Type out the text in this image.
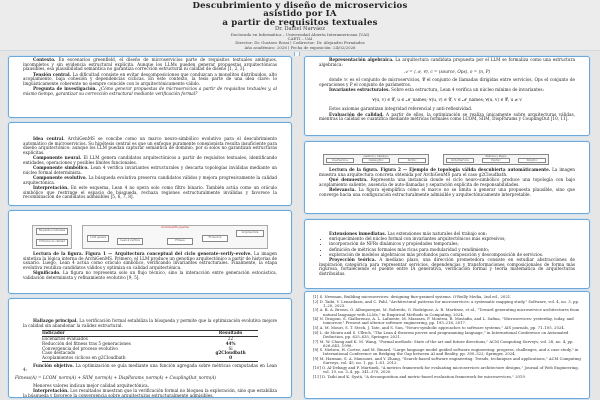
Descubrimiento y diseño de microservicios
asistido por IA
a partir de requisitos textuales
Dr. Daniel Narváez
Doctorado en Informática – Universidad Abierta Interamericana (UAI)
CAETI – UAI
Director: Dr. Gustavo Rossi | Codirector: Dr. Alejandro Fernández
Año académico: 2026 | Fecha de exposición: 24/02/2026

Contexto. En escenarios greenfield, el diseño de microservicios parte de requisitos textuales ambiguos, incompletos y sin evidencia estructural explícita. Aunque los LLMs pueden generar propuestas arquitectónicas plausibles, esa plausibilidad semántica no garantiza corrección estructural ni calidad de diseño [1, 2, 3].

Tensión central. La dificultad consiste en evitar descomposiciones que conduzcan a monolitos distribuidos, alto acoplamiento, baja cohesión y dependencias cíclicas. En este contexto, la tesis parte de una idea clave: lo lingüísticamente coherente no siempre coincide con lo arquitectónicamente válido.

Pregunta de investigación. ¿Cómo generar propuestas de microservicios a partir de requisitos textuales y, al mismo tiempo, garantizar su corrección estructural mediante verificación formal?

Idea central. ArchiGenMS se concibe como un marco neuro-simbólico evolutivo para el descubrimiento automático de microservicios. Su hipótesis central es que un enfoque puramente conexionista resulta insuficiente para diseño arquitectónico: aunque los LLM puedan capturar semántica de dominio, por sí solos no garantizan estructuras explícitas.

Componente neural. El LLM genera candidatos arquitectónicos a partir de requisitos textuales, identificando entidades, operaciones y posibles límites funcionales.

Componente simbólico. Lean 4 verifica invariantes estructurales y descarta topologías inválidas mediante un núcleo formal determinista.

Componente evolutivo. La búsqueda evolutiva preserva candidatos válidos y mejora progresivamente la calidad arquitectónica.

Interpretación. En este esquema, Lean 4 no opera solo como filtro binario. También actúa como un oráculo simbólico que restringe el espacio de búsqueda, rechaza regiones estructuralmente inválidas y favorece la recombinación de candidatos admisibles [5, 6, 7, 8].

Requisitos textuales
Criterios de calidad
ArchiGenMS pipeline
LLM genera
Lean 4 verifica	Fitness
Evolución
Arquitectura

Lectura de la figura. Figura 1 — Arquitectura conceptual del ciclo generate–verify–evolve. La imagen sintetiza la lógica interna de ArchiGenMS. Primero, el LLM produce un genotipo arquitectónico a partir de historias de usuario. Luego, Lean 4 actúa como oráculo simbólico, verificando invariantes estructurales. Finalmente, la etapa evolutiva reutiliza candidatos válidos y optimiza su calidad arquitectónica.

Significado. La figura no representa solo un flujo técnico, sino la interacción entre generación estocástica, validación determinista y refinamiento evolutivo [9, 5].

Hallazgo principal. La verificación formal estabiliza la búsqueda y permite que la optimización evolutiva mejore la calidad sin abandonar la validez estructural.

Indicador	Resultado
Escenarios evaluados	22
Reducción del fitness tras 5 generaciones	44%
Convergencia del proceso evolutivo	Sí
Caso destacado	g2Cloudbath
Acoplamientos cíclicos en g2Cloudbath	0

Función objetivo. La optimización se guía mediante una función agregada sobre métricas computadas en Lean 4:

Fitness(A) = LCOM_norm(A) + SIIM_norm(A) + DispParams_norm(A) + CouplingOut_norm(A)

Menores valores indican mejor calidad arquitectónica.

Interpretación. Los resultados muestran que la verificación formal no bloquea la exploración, sino que estabiliza la búsqueda y favorece la convergencia sobre arquitecturas estructuralmente admisibles.

Representación algebraica. La arquitectura candidata propuesta por el LLM se formaliza como una estructura algebraica:

𝒜 = ⟨ℳ, 𝒞⟩, c = (source, Ops), o = (n, P)

donde ℳ es el conjunto de microservicios, 𝒞 el conjunto de llamadas dirigidas entre servicios, Ops el conjunto de operaciones y P el conjunto de parámetros.

Invariantes estructurales. Sobre esta estructura, Lean 4 verifica un núcleo mínimo de invariantes:

∀(u, v) ∈ 𝒞, u ∈ ℳ_names; ∀(u, v) ∈ 𝒞, v ∈ ℳ_names; ∀(u, v) ∈ 𝒞, u ≠ v

Estos axiomas garantizan integridad referencial y anti-reflexividad.

Evaluación de calidad. A partir de ellos, la optimización se realiza únicamente sobre arquitecturas válidas, mientras la calidad se cuantifica mediante métricas formales como LCOM, SIIM, DispParams y CouplingOut [10, 11].

Gestión y Catálogo	Pedidos y Pagos
UserService	CatalogSvc	InvSvc	OrderService	PaySvc	ShipSvc

Lectura de la figura. Figura 2 — Ejemplo de topología válida descubierta automáticamente. La imagen muestra una arquitectura concreta obtenida por ArchiGenMS para el caso g2Cloudbath.

Qué demuestra. Representa una instancia donde el ciclo neuro-simbólico produce una topología con bajo acoplamiento saliente, ausencia de auto-llamadas y separación explícita de responsabilidades.

Relevancia. La figura ejemplifica cómo el marco no se limita a generar una propuesta plausible, sino que converge hacia una configuración estructuralmente admisible y arquitectónicamente interpretable.

Extensiones inmediatas. Las extensiones más naturales del trabajo son:

• enriquecimiento del núcleo formal con invariantes arquitectónicos más expresivos;
• incorporación de NFRs dinámicos y propiedades temporales;
• definición de métricas formales más ricas para modularidad y rendimiento;
• exploración de modelos algebraicos más profundos para composición y descomposición de servicios.

Proyección teórica. A mediano plazo, una dirección prometedora consiste en estudiar abstracciones de inspiración categórica para representar servicios, dependencias y transformaciones composicionales de forma más rigurosa, fortaleciendo el puente entre IA generativa, verificación formal y teoría matemática de arquitecturas distribuidas.

[1] S. Newman, Building microservices: designing fine-grained systems. O'Reilly Media, 2nd ed., 2021.
[2] D. Taibi, V. Lenarduzzi, and C. Pahl, "Architectural patterns for microservices: a systematic mapping study," Software, vol. 4, no. 3, pp. 1–20, 2023.
[3] A. B. A. Brown, O. Albuquerque, M. Robredo, G. Rodríguez, A. R. Martínez, et al., "Toward generating microservice architectures from natural language with LLMs," in Empirical Methods in Computing, 2024.
[4] N. Dragoni, S. Giallorenzo, A. L. Lafuente, M. Mazzara, F. Montesi, R. Mustafin, and L. Safina, "Microservices: yesterday, today, and tomorrow," Present and ulterior software engineering, pp. 195–216, 2017.
[5] A. M. Mouri, S. T. Steck, J. Tate, and S. Sun, "Neuro-symbolic approaches to software systems," AIS journals, pp. 71–105, 2024.
[6] L. de Moura and S. Ullrich, "The Lean 4 theorem prover and programming language," in International Conference on Automated Deduction, pp. 625–635, Springer, 2021.
[7] M. W. Chung and K. M. Wang, "Formal methods: State of the art and future directions," ACM Computing Surveys, vol. 28, no. 4, pp. 626–643, 1996.
[8] S. Nielsen, H. Cortez, and M. Rinard, "Large language model guided software engineering: progress, challenges, and a case study," in International Conference on Bridging the Gap between AI and Reality, pp. 300–322, Springer, 2024.
[9] M. Harman, S. A. Mansouri, and Y. Zhang, "Search-based software engineering: Trends, techniques and applications," ACM Computing Surveys, vol. 45, no. 1, pp. 1–61, 2012.
[10] O. Al-Debagy and P. Martinek, "A metrics framework for evaluating microservices architecture designs," Journal of Web Engineering, vol. 19, no. 3–4, pp. 341–370, 2020.
[11] D. Taibi and K. Systä, "A decomposition and metric-based evaluation framework for microservices," 2019.
